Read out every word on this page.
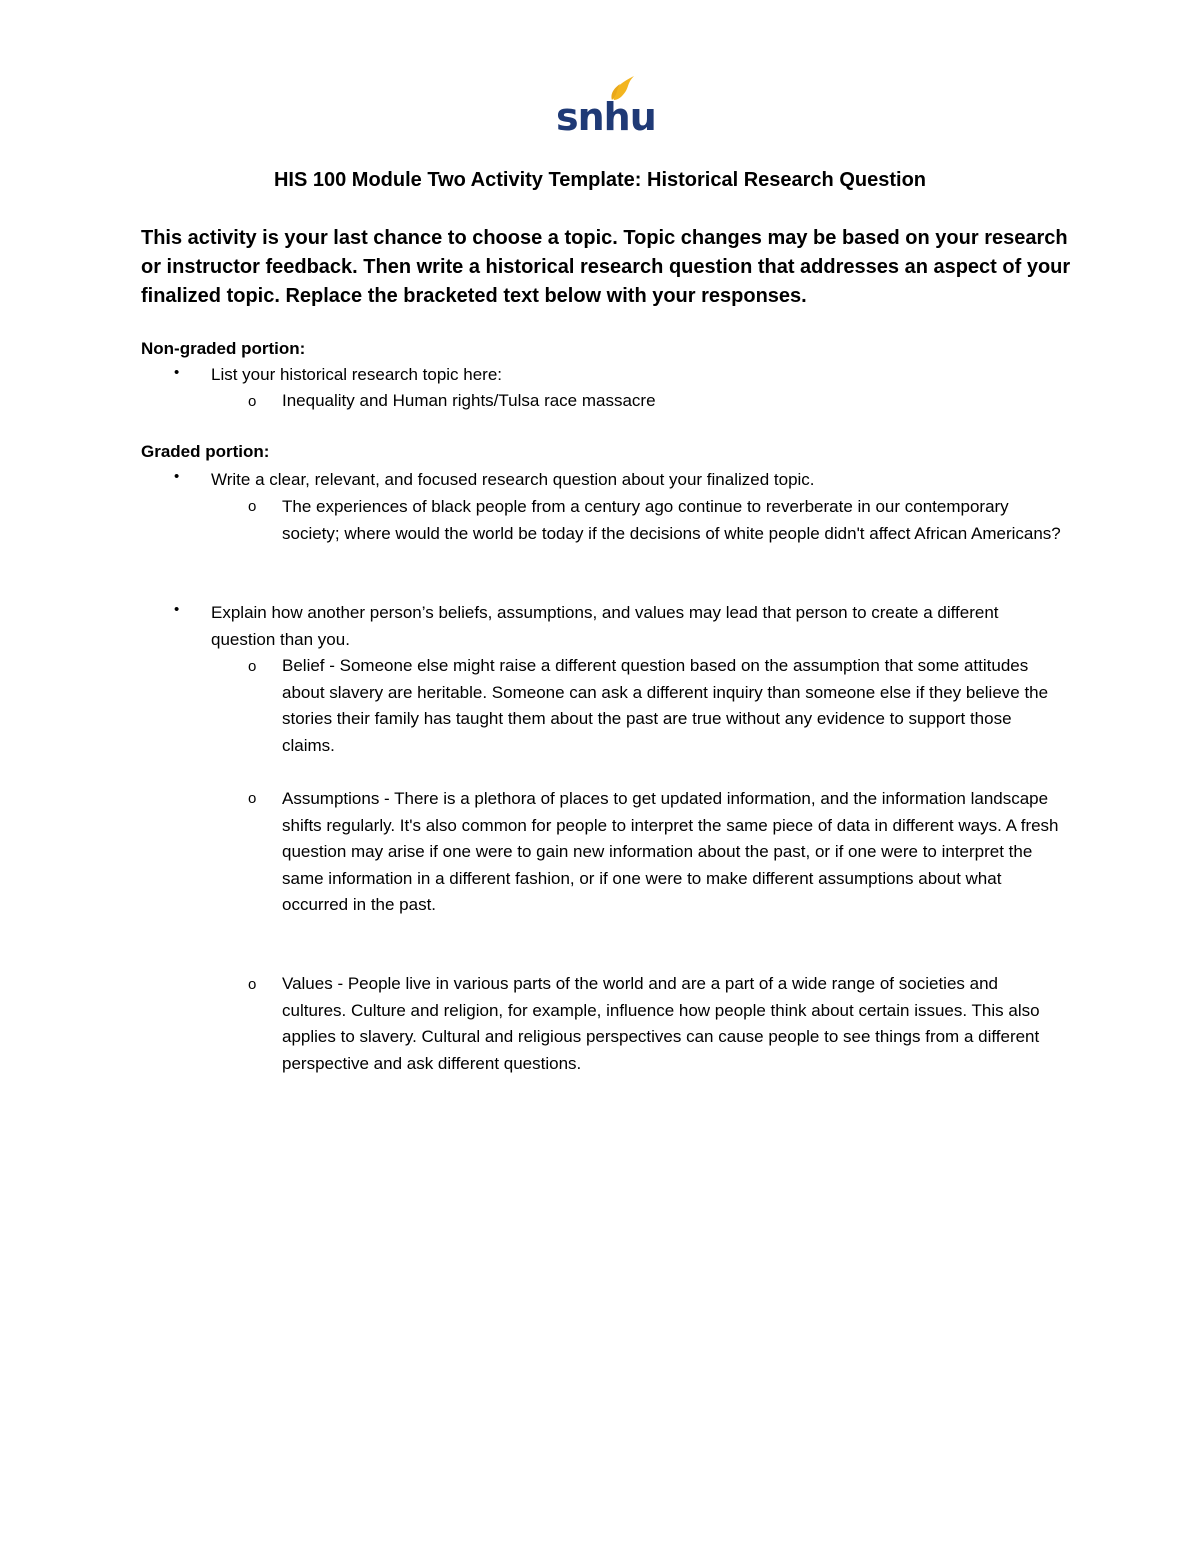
snhu
HIS 100 Module Two Activity Template: Historical Research Question
This activity is your last chance to choose a topic. Topic changes may be based on your research or instructor feedback. Then write a historical research question that addresses an aspect of your finalized topic. Replace the bracketed text below with your responses.
Non-graded portion:
• List your historical research topic here:
o Inequality and Human rights/Tulsa race massacre
Graded portion:
• Write a clear, relevant, and focused research question about your finalized topic.
o The experiences of black people from a century ago continue to reverberate in our contemporary society; where would the world be today if the decisions of white people didn't affect African Americans?
• Explain how another person’s beliefs, assumptions, and values may lead that person to create a different question than you.
o Belief - Someone else might raise a different question based on the assumption that some attitudes about slavery are heritable. Someone can ask a different inquiry than someone else if they believe the stories their family has taught them about the past are true without any evidence to support those claims.
o Assumptions - There is a plethora of places to get updated information, and the information landscape shifts regularly. It's also common for people to interpret the same piece of data in different ways. A fresh question may arise if one were to gain new information about the past, or if one were to interpret the same information in a different fashion, or if one were to make different assumptions about what occurred in the past.
o Values - People live in various parts of the world and are a part of a wide range of societies and cultures. Culture and religion, for example, influence how people think about certain issues. This also applies to slavery. Cultural and religious perspectives can cause people to see things from a different perspective and ask different questions.
